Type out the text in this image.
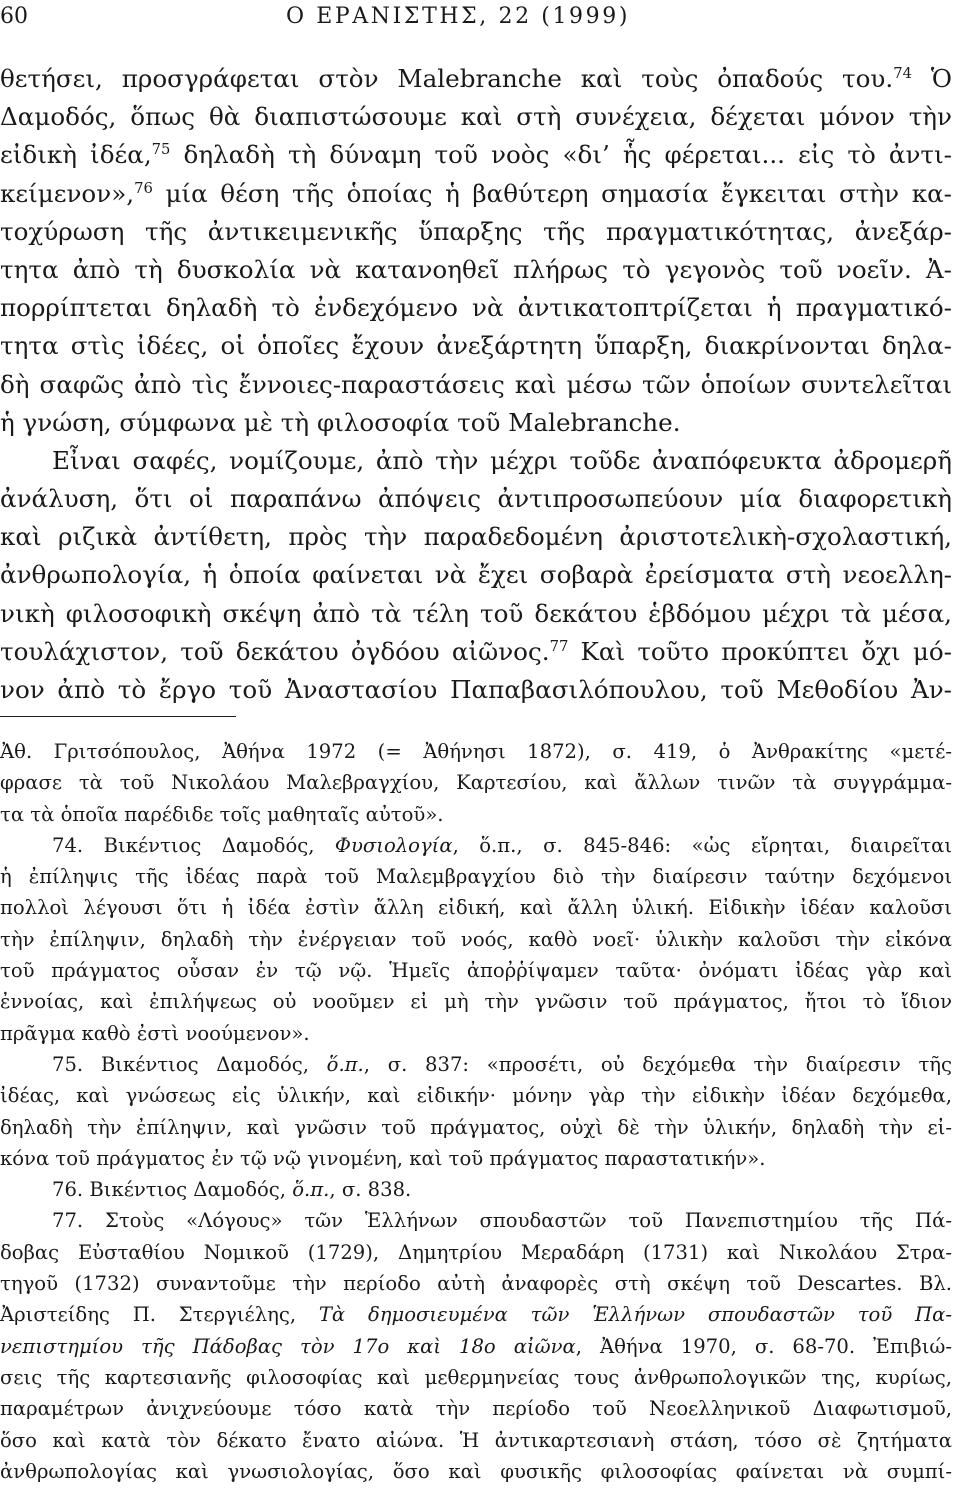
60	Ο ΕΡΑΝΙΣΤΗΣ, 22 (1999)
θετήσει, προσγράφεται στὸν Malebranche καὶ τοὺς ὀπαδούς του.$^{74}$ Ὁ
Δαμοδός, ὅπως θὰ διαπιστώσουμε καὶ στὴ συνέχεια, δέχεται μόνον τὴν
εἰδικὴ ἰδέα,$^{75}$ δηλαδὴ τὴ δύναμη τοῦ νοὸς «δι’ ἧς φέρεται... εἰς τὸ ἀντι-
κείμενον»,$^{76}$ μία θέση τῆς ὁποίας ἡ βαθύτερη σημασία ἔγκειται στὴν κα-
τοχύρωση τῆς ἀντικειμενικῆς ὕπαρξης τῆς πραγματικότητας, ἀνεξάρ-
τητα ἀπὸ τὴ δυσκολία νὰ κατανοηθεῖ πλήρως τὸ γεγονὸς τοῦ νοεῖν. Ἀ-
πορρίπτεται δηλαδὴ τὸ ἐνδεχόμενο νὰ ἀντικατοπτρίζεται ἡ πραγματικό-
τητα στὶς ἰδέες, οἱ ὁποῖες ἔχουν ἀνεξάρτητη ὕπαρξη, διακρίνονται δηλα-
δὴ σαφῶς ἀπὸ τὶς ἔννοιες-παραστάσεις καὶ μέσω τῶν ὁποίων συντελεῖται
ἡ γνώση, σύμφωνα μὲ τὴ φιλοσοφία τοῦ Malebranche.
Εἶναι σαφές, νομίζουμε, ἀπὸ τὴν μέχρι τοῦδε ἀναπόφευκτα ἀδρομερῆ
ἀνάλυση, ὅτι οἱ παραπάνω ἀπόψεις ἀντιπροσωπεύουν μία διαφορετικὴ
καὶ ριζικὰ ἀντίθετη, πρὸς τὴν παραδεδομένη ἀριστοτελικὴ-σχολαστική,
ἀνθρωπολογία, ἡ ὁποία φαίνεται νὰ ἔχει σοβαρὰ ἐρείσματα στὴ νεοελλη-
νικὴ φιλοσοφικὴ σκέψη ἀπὸ τὰ τέλη τοῦ δεκάτου ἑβδόμου μέχρι τὰ μέσα,
τουλάχιστον, τοῦ δεκάτου ὀγδόου αἰῶνος.$^{77}$ Καὶ τοῦτο προκύπτει ὄχι μό-
νον ἀπὸ τὸ ἔργο τοῦ Ἀναστασίου Παπαβασιλόπουλου, τοῦ Μεθοδίου Ἀν-
Ἀθ. Γριτσόπουλος, Ἀθήνα 1972 (= Ἀθήνησι 1872), σ. 419, ὁ Ἀνθρακίτης «μετέ-
φρασε τὰ τοῦ Νικολάου Μαλεβραγχίου, Καρτεσίου, καὶ ἄλλων τινῶν τὰ συγγράμμα-
τα τὰ ὁποῖα παρέδιδε τοῖς μαθηταῖς αὐτοῦ».
74. Βικέντιος Δαμοδός, Φυσιολογία, ὅ.π., σ. 845-846: «ὡς εἴρηται, διαιρεῖται
ἡ ἐπίληψις τῆς ἰδέας παρὰ τοῦ Μαλεμβραγχίου διὸ τὴν διαίρεσιν ταύτην δεχόμενοι
πολλοὶ λέγουσι ὅτι ἡ ἰδέα ἐστὶν ἄλλη εἰδική, καὶ ἄλλη ὑλική. Εἰδικὴν ἰδέαν καλοῦσι
τὴν ἐπίληψιν, δηλαδὴ τὴν ἐνέργειαν τοῦ νοός, καθὸ νοεῖ· ὑλικὴν καλοῦσι τὴν εἰκόνα
τοῦ πράγματος οὖσαν ἐν τῷ νῷ. Ἡμεῖς ἀποῤῥίψαμεν ταῦτα· ὀνόματι ἰδέας γὰρ καὶ
ἐννοίας, καὶ ἐπιλήψεως οὐ νοοῦμεν εἰ μὴ τὴν γνῶσιν τοῦ πράγματος, ἤτοι τὸ ἴδιον
πρᾶγμα καθὸ ἐστὶ νοούμενον».
75. Βικέντιος Δαμοδός, ὅ.π., σ. 837: «προσέτι, οὐ δεχόμεθα τὴν διαίρεσιν τῆς
ἰδέας, καὶ γνώσεως εἰς ὑλικήν, καὶ εἰδικήν· μόνην γὰρ τὴν εἰδικὴν ἰδέαν δεχόμεθα,
δηλαδὴ τὴν ἐπίληψιν, καὶ γνῶσιν τοῦ πράγματος, οὐχὶ δὲ τὴν ὑλικήν, δηλαδὴ τὴν εἰ-
κόνα τοῦ πράγματος ἐν τῷ νῷ γινομένη, καὶ τοῦ πράγματος παραστατικήν».
76. Βικέντιος Δαμοδός, ὅ.π., σ. 838.
77. Στοὺς «Λόγους» τῶν Ἑλλήνων σπουδαστῶν τοῦ Πανεπιστημίου τῆς Πά-
δοβας Εὐσταθίου Νομικοῦ (1729), Δημητρίου Μεραδάρη (1731) καὶ Νικολάου Στρα-
τηγοῦ (1732) συναντοῦμε τὴν περίοδο αὐτὴ ἀναφορὲς στὴ σκέψη τοῦ Descartes. Βλ.
Ἀριστείδης Π. Στεργιέλης, Τὰ δημοσιευμένα τῶν Ἑλλήνων σπουδαστῶν τοῦ Πα-
νεπιστημίου τῆς Πάδοβας τὸν 17ο καὶ 18ο αἰῶνα, Ἀθήνα 1970, σ. 68-70. Ἐπιβιώ-
σεις τῆς καρτεσιανῆς φιλοσοφίας καὶ μεθερμηνείας τους ἀνθρωπολογικῶν της, κυρίως,
παραμέτρων ἀνιχνεύουμε τόσο κατὰ τὴν περίοδο τοῦ Νεοελληνικοῦ Διαφωτισμοῦ,
ὅσο καὶ κατὰ τὸν δέκατο ἔνατο αἰώνα. Ἡ ἀντικαρτεσιανὴ στάση, τόσο σὲ ζητήματα
ἀνθρωπολογίας καὶ γνωσιολογίας, ὅσο καὶ φυσικῆς φιλοσοφίας φαίνεται νὰ συμπί-
